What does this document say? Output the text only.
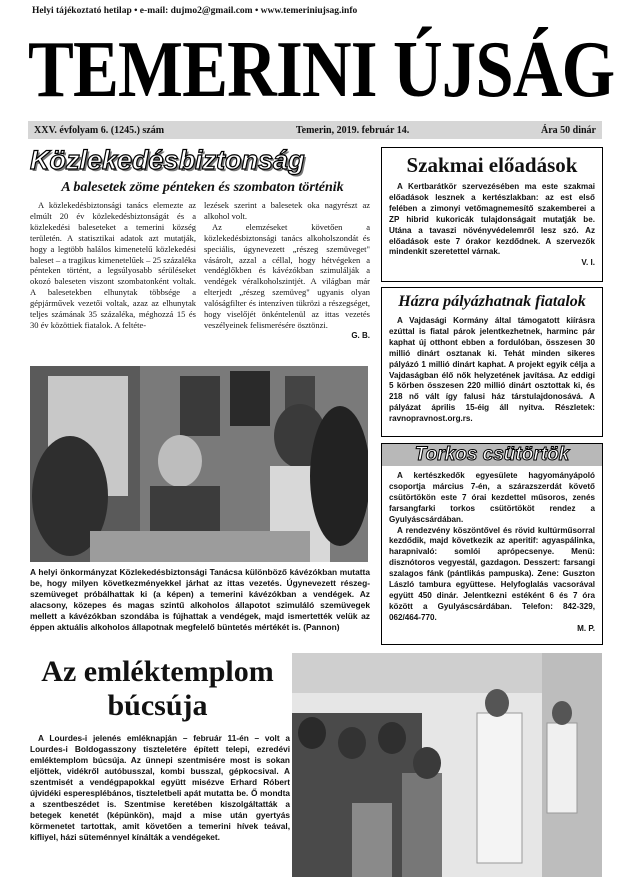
Helyi tájékoztató hetilap • e-mail: dujmo2@gmail.com • www.temeriniujsag.info
TEMERINI ÚJSÁG
XXV. évfolyam 6. (1245.) szám	Temerin, 2019. február 14.	Ára 50 dinár
Közlekedésbiztonság
A balesetek zöme pénteken és szombaton történik

A közlekedésbiztonsági tanács elemezte az elmúlt 20 év közlekedésbiztonságát és a közlekedési baleseteket a temerini község területén. A statisztikai adatok azt mutatják, hogy a legtöbb halálos kimenetelű közlekedési baleset – a tragikus kimenetelűek – 25 százaléka pénteken történt, a legsúlyosabb sérüléseket okozó baleseten viszont szombatonként voltak. A balesetekben elhunytak többsége a gépjárművek vezetői voltak, azaz az elhunytak teljes számának 35 százaléka, méghozzá 15 és 30 év közöttiek fiatalok. A feltéte-

lezések szerint a balesetek oka nagyrészt az alkohol volt.

Az elemzéseket követően a közlekedésbiztonsági tanács alkoholszondát és speciális, úgynevezett „részeg szemüveget" vásárolt, azzal a céllal, hogy hétvégeken a vendéglőkben és kávézókban szimulálják a vendégek véralkoholszintjét. A világban már elterjedt „részeg szemüveg" ugyanis olyan valóságfilter és intenzíven tükrözi a részegséget, hogy viselőjét önkéntelenül az ittas vezetés veszélyeinek felismerésére ösztönzi.

G. B.
A helyi önkormányzat Közlekedésbiztonsági Tanácsa különböző kávézókban mutatta be, hogy milyen következményekkel járhat az ittas vezetés. Úgynevezett részeg-szemüveget próbálhattak ki (a képen) a temerini kávézókban a vendégek. Az alacsony, közepes és magas szintű alkoholos állapotot szimuláló szemüvegek mellett a kávézókban szondába is fújhattak a vendégek, majd ismertették velük az éppen aktuális alkoholos állapotnak megfelelő büntetés mértékét is. (Pannon)
Szakmai előadások

A Kertbarátkör szervezésében ma este szakmai előadások lesznek a kertészlakban: az est első felében a zimonyi vetőmagnemesítő szakemberei a ZP hibrid kukoricák tulajdonságait mutatják be. Utána a tavaszi növényvédelemről lesz szó. Az előadások este 7 órakor kezdődnek. A szervezők mindenkit szeretettel várnak.

V. I.
Házra pályázhatnak fiatalok

A Vajdasági Kormány által támogatott kiírásra ezúttal is fiatal párok jelentkezhetnek, harminc pár kaphat új otthont ebben a fordulóban, összesen 30 millió dinárt osztanak ki. Tehát minden sikeres pályázó 1 millió dinárt kaphat. A projekt egyik célja a Vajdaságban élő nők helyzetének javítása. Az eddigi 5 körben összesen 220 millió dinárt osztottak ki, és 218 nő vált így falusi ház társtulajdonosává. A pályázat április 15-éig áll nyitva. Részletek: ravnopravnost.org.rs.

Torkos csütörtök

A kertészkedők egyesülete hagyományápoló csoportja március 7-én, a szárazszerdát követő csütörtökön este 7 órai kezdettel műsoros, zenés farsangfarki torkos csütörtököt rendez a Gyulyáscsárdában.

A rendezvény köszöntővel és rövid kultúrműsorral kezdődik, majd következik az aperitif: agyaspálinka, harapnivaló: somlói aprópecsenye. Menü: disznótoros vegyestál, gazdagon. Desszert: farsangi szalagos fánk (pántlikás pampuska). Zene: Guszton László tambura együttese. Helyfoglalás vacsorával együtt 450 dinár. Jelentkezni estéként 6 és 7 óra között a Gyulyáscsárdában. Telefon: 842-329, 062/464-770.

M. P.
Az emléktemplom
búcsúja

A Lourdes-i jelenés emléknapján – február 11-én – volt a Lourdes-i Boldogasszony tiszteletére épített telepi, ezredévi emléktemplom búcsúja. Az ünnepi szentmisére most is sokan eljöttek, vidékről autóbusszal, kombi busszal, gépkocsival. A szentmisét a vendégpapokkal együtt misézve Erhard Róbert újvidéki esperesplébános, tiszteletbeli apát mutatta be. Ő mondta a szentbeszédet is. Szentmise keretében kiszolgáltatták a betegek kenetét (képünkön), majd a mise után gyertyás körmenetet tartottak, amit követően a temerini hívek teával, kifliyel, házi süteménnyel kínálták a vendégeket.
